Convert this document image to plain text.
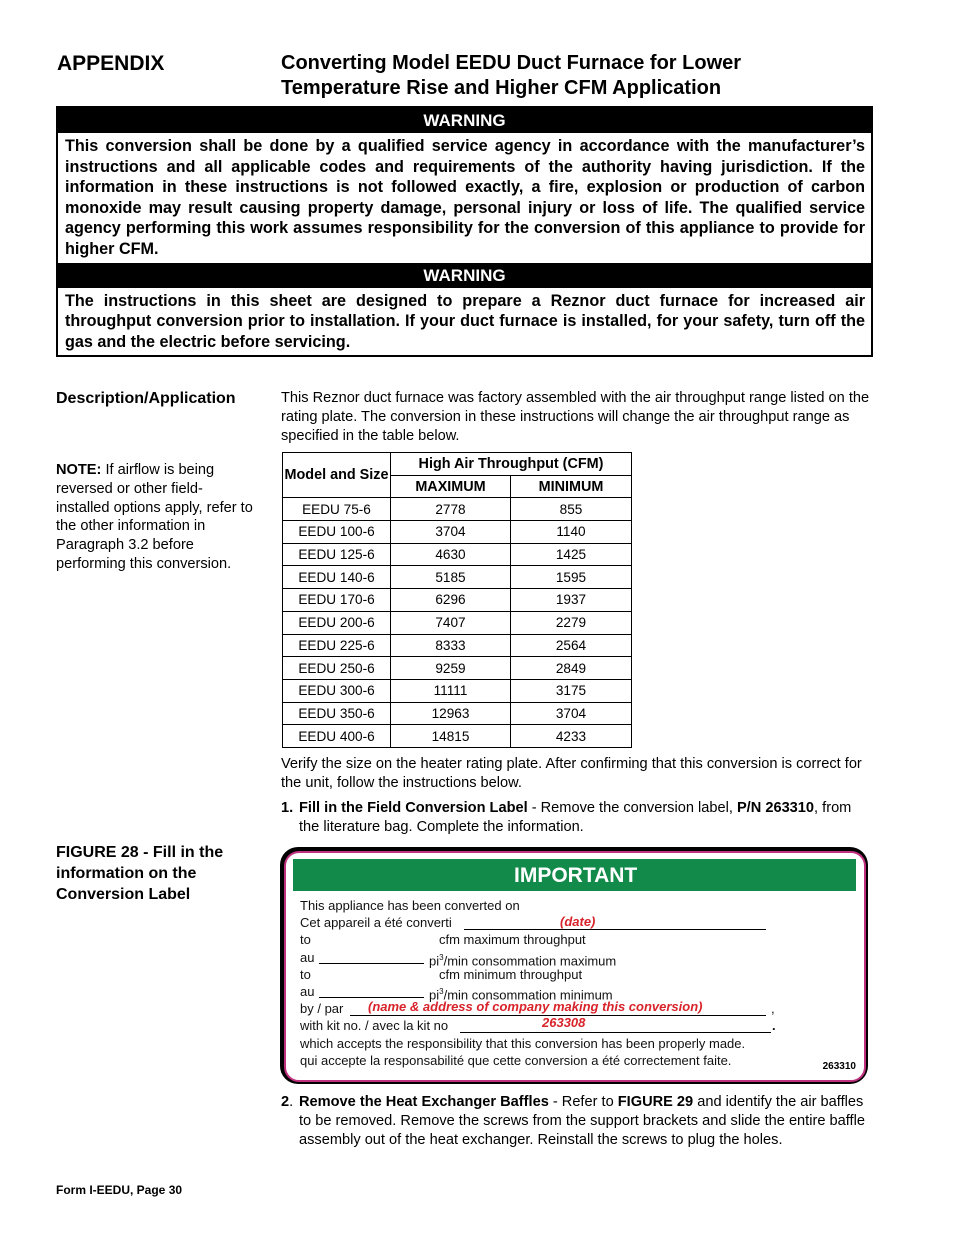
APPENDIX	Converting Model EEDU Duct Furnace for Lower
Temperature Rise and Higher CFM Application
WARNING
This conversion shall be done by a qualified service agency in accordance with the manufacturer’s instructions and all applicable codes and requirements of the authority having jurisdiction. If the information in these instructions is not followed exactly, a fire, explosion or production of carbon monoxide may result causing property damage, personal injury or loss of life. The qualified service agency performing this work assumes responsibility for the conversion of this appliance to provide for higher CFM.
WARNING
The instructions in this sheet are designed to prepare a Reznor duct furnace for increased air throughput conversion prior to installation. If your duct furnace is installed, for your safety, turn off the gas and the electric before servicing.
Description/Application	This Reznor duct furnace was factory assembled with the air throughput range listed on the rating plate. The conversion in these instructions will change the air throughput range as specified in the table below.
NOTE: If airflow is being reversed or other field-installed options apply, refer to the other information in Paragraph 3.2 before performing this conversion.
Model and Size	High Air Throughput (CFM)	
	MAXIMUM	MINIMUM
EEDU 75-6	2778	855
EEDU 100-6	3704	1140
EEDU 125-6	4630	1425
EEDU 140-6	5185	1595
EEDU 170-6	6296	1937
EEDU 200-6	7407	2279
EEDU 225-6	8333	2564
EEDU 250-6	9259	2849
EEDU 300-6	11111	3175
EEDU 350-6	12963	3704
EEDU 400-6	14815	4233
Verify the size on the heater rating plate. After confirming that this conversion is correct for the unit, follow the instructions below.
1. Fill in the Field Conversion Label - Remove the conversion label, P/N 263310, from the literature bag. Complete the information.
FIGURE 28 - Fill in the information on the Conversion Label
IMPORTANT
This appliance has been converted on
Cet appareil a été converti	(date)
to	cfm maximum throughput
au	$pi^3/\min$ consommation maximum
to	cfm minimum throughput
au	$pi^3/\min$ consommation minimum
by / par (name & address of company making this conversion)	,
with kit no. / avec la kit no	263308	.
which accepts the responsibility that this conversion has been properly made.
qui accepte la responsabilité que cette conversion a été correctement faite.	263310
2. Remove the Heat Exchanger Baffles - Refer to FIGURE 29 and identify the air baffles to be removed. Remove the screws from the support brackets and slide the entire baffle assembly out of the heat exchanger. Reinstall the screws to plug the holes.
Form I-EEDU, Page 30
